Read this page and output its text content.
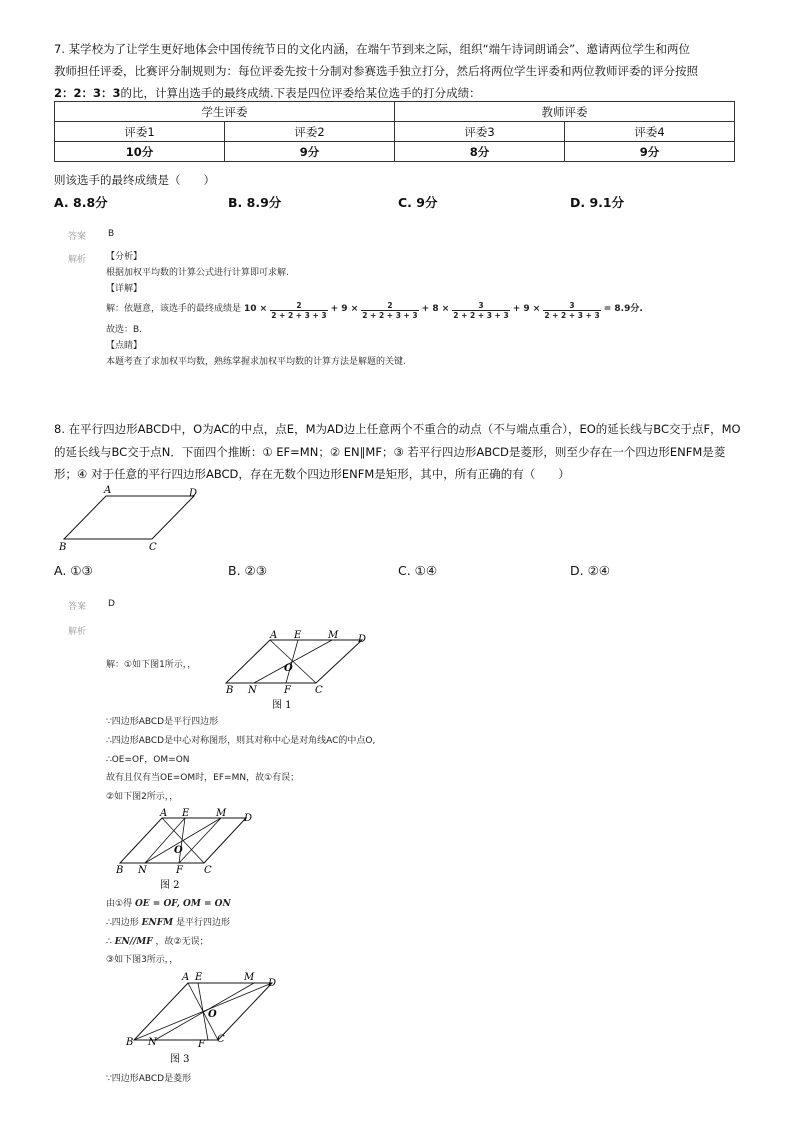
7. 某学校为了让学生更好地体会中国传统节日的文化内涵，在端午节到来之际，组织“端午诗词朗诵会”、邀请两位学生和两位
教师担任评委，比赛评分制规则为：每位评委先按十分制对参赛选手独立打分，然后将两位学生评委和两位教师评委的评分按照
2：2：3：3的比，计算出选手的最终成绩.下表是四位评委给某位选手的打分成绩：
学生评委		教师评委	
评委1	评委2	评委3	评委4
10分	9分	8分	9分
则该选手的最终成绩是（　　）
A. 8.8分	B. 8.9分	C. 9分	D. 9.1分
答案 B
解析 【分析】
根据加权平均数的计算公式进行计算即可求解.
【详解】
解：依题意，该选手的最终成绩是 $10 \times \frac{2}{2 + 2 + 3 + 3} + 9 \times \frac{2}{2 + 2 + 3 + 3} + 8 \times \frac{3}{2 + 2 + 3 + 3} + 9 \times \frac{3}{2 + 2 + 3 + 3} = 8.9$分.
故选：B.
【点睛】
本题考查了求加权平均数，熟练掌握求加权平均数的计算方法是解题的关键.
8. 在平行四边形ABCD中，O为AC的中点，点E，M为AD边上任意两个不重合的动点（不与端点重合），EO的延长线与BC交于点F，MO
的延长线与BC交于点N．下面四个推断：① EF=MN；② EN∥MF；③ 若平行四边形ABCD是菱形，则至少存在一个四边形ENFM是菱
形；④ 对于任意的平行四边形ABCD，存在无数个四边形ENFM是矩形，其中，所有正确的有（　　）
A	D
B	C
A. ①③	B. ②③	C. ①④	D. ②④
答案 D
解析
解：①如下图1所示，，
A E	M D
O
B N	F C
图 1
∵四边形ABCD是平行四边形
∴四边形ABCD是中心对称图形，则其对称中心是对角线AC的中点O,
∴OE=OF，OM=ON
故有且仅有当OE=OM时，EF=MN，故①有误；
②如下图2所示，，
A E	M D
O
B N	F C
图 2
由①得 OE = OF, OM = ON
∴四边形 ENFM 是平行四边形
∴ EN//MF ，故②无误；
③如下图3所示，，
A E	M
D
O
B N	F C
图 3
∵四边形ABCD是菱形
